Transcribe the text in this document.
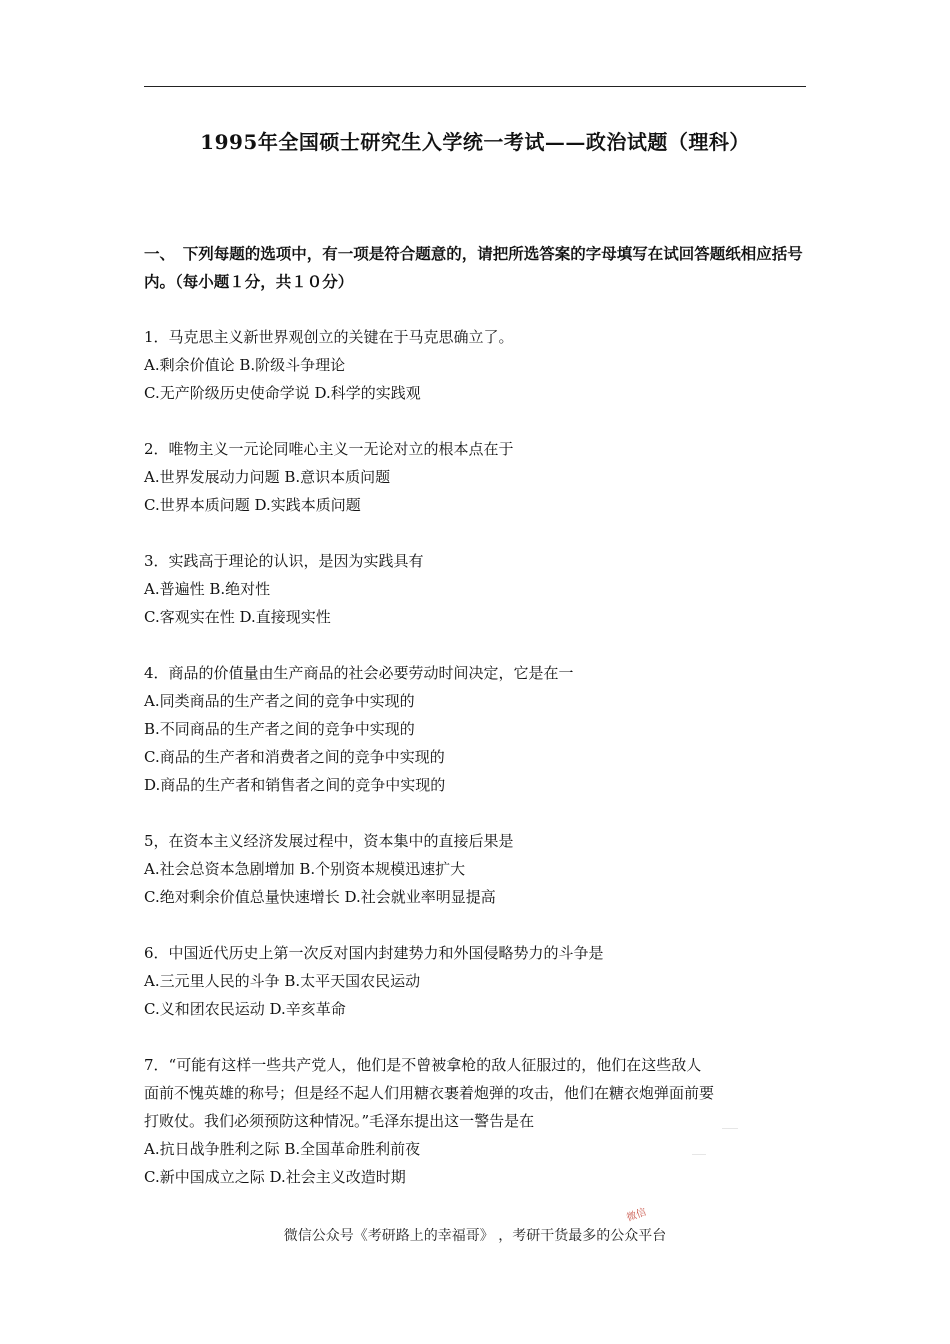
1995年全国硕士研究生入学统一考试——政治试题（理科）
一、　下列每题的选项中，有一项是符合题意的，请把所选答案的字母填写在试回答题纸相应括号内。（每小题１分，共１０分）

1．马克思主义新世界观创立的关键在于马克思确立了。

A.剩余价值论 B.阶级斗争理论

C.无产阶级历史使命学说 D.科学的实践观

2．唯物主义一元论同唯心主义一无论对立的根本点在于

A.世界发展动力问题 B.意识本质问题

C.世界本质问题 D.实践本质问题

3．实践高于理论的认识，是因为实践具有

A.普遍性 B.绝对性

C.客观实在性 D.直接现实性

4．商品的价值量由生产商品的社会必要劳动时间决定，它是在一

A.同类商品的生产者之间的竞争中实现的

B.不同商品的生产者之间的竞争中实现的

C.商品的生产者和消费者之间的竞争中实现的

D.商品的生产者和销售者之间的竞争中实现的

5，在资本主义经济发展过程中，资本集中的直接后果是

A.社会总资本急剧增加 B.个别资本规模迅速扩大

C.绝对剩余价值总量快速增长 D.社会就业率明显提高

6．中国近代历史上第一次反对国内封建势力和外国侵略势力的斗争是

A.三元里人民的斗争 B.太平天国农民运动

C.义和团农民运动 D.辛亥革命

7．“可能有这样一些共产党人，他们是不曾被拿枪的敌人征服过的，他们在这些敌人

面前不愧英雄的称号；但是经不起人们用糖衣裹着炮弹的攻击，他们在糖衣炮弹面前要

打败仗。我们必须预防这种情况。”毛泽东提出这一警告是在

A.抗日战争胜利之际 B.全国革命胜利前夜

C.新中国成立之际 D.社会主义改造时期

微信
微信公众号《考研路上的幸福哥》 ，考研干货最多的公众平台
